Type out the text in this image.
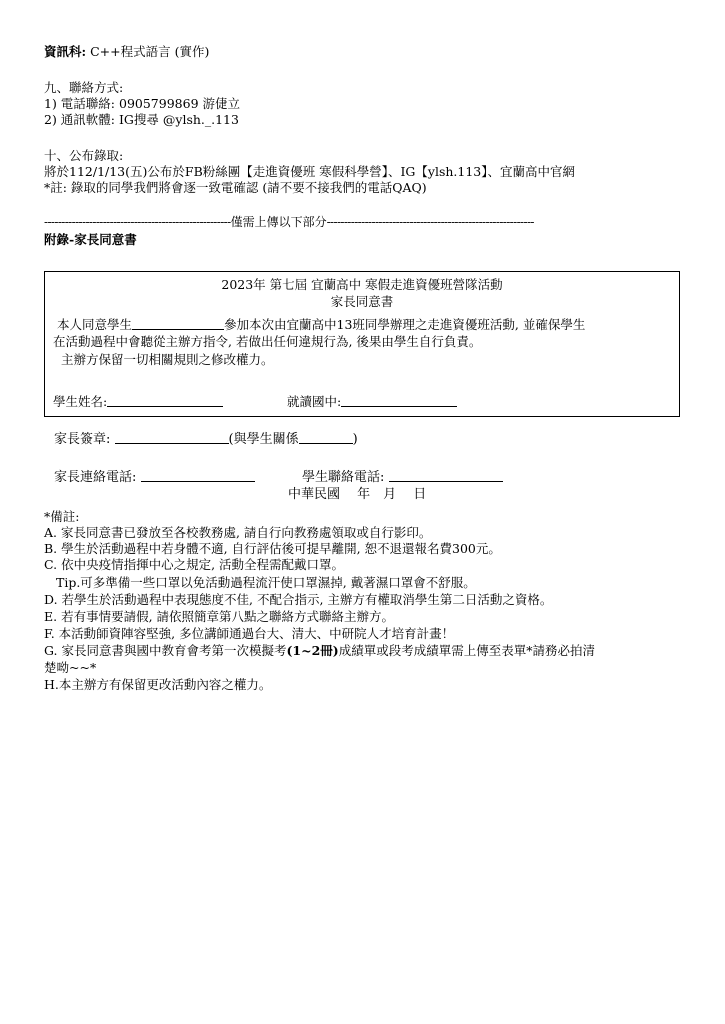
資訊科: C++程式語言 (實作)
九、聯絡方式:
1) 電話聯絡: 0905799869 游倢立
2) 通訊軟體: IG搜尋 @ylsh._.113
十、公布錄取:
將於112/1/13(五)公布於FB粉絲團【走進資優班 寒假科學營】、IG【ylsh.113】、宜蘭高中官網
*註: 錄取的同學我們將會逐一致電確認 (請不要不接我們的電話QAQ)
------------------------------------------------------僅需上傳以下部分------------------------------------------------------------
附錄-家長同意書
2023年 第七屆 宜蘭高中 寒假走進資優班營隊活動
家長同意書
本人同意學生	參加本次由宜蘭高中13班同學辦理之走進資優班活動, 並確保學生
在活動過程中會聽從主辦方指令, 若做出任何違規行為, 後果由學生自行負責。
主辦方保留一切相關規則之修改權力。
學生姓名:	就讀國中:
家長簽章:	(與學生關係	)
家長連絡電話:	學生聯絡電話:
中華民國　 年　月　 日
*備註:
A. 家長同意書已發放至各校教務處, 請自行向教務處領取或自行影印。
B. 學生於活動過程中若身體不適, 自行評估後可提早離開, 恕不退還報名費300元。
C. 依中央疫情指揮中心之規定, 活動全程需配戴口罩。
Tip.可多準備一些口罩以免活動過程流汗使口罩濕掉, 戴著濕口罩會不舒服。
D. 若學生於活動過程中表現態度不佳, 不配合指示, 主辦方有權取消學生第二日活動之資格。
E. 若有事情要請假, 請依照簡章第八點之聯絡方式聯絡主辦方。
F. 本活動師資陣容堅強, 多位講師通過台大、清大、中研院人才培育計畫！
G. 家長同意書與國中教育會考第一次模擬考(1~2冊)成績單或段考成績單需上傳至表單*請務必拍清
楚呦~~*
H.本主辦方有保留更改活動內容之權力。
